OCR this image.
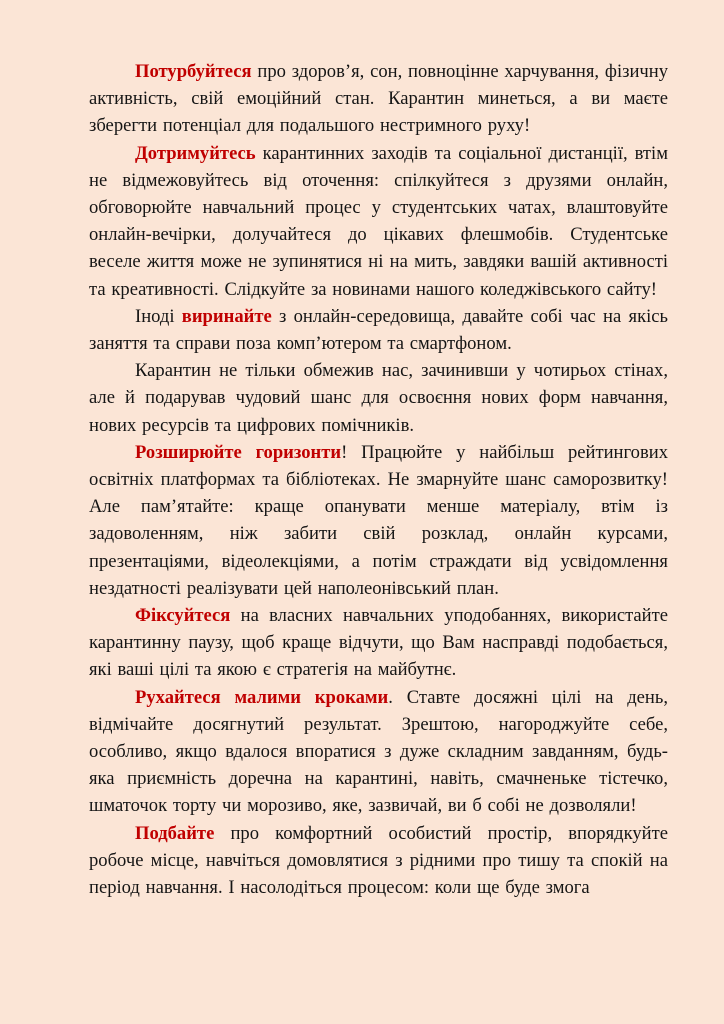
Потурбуйтеся про здоров’я, сон, повноцінне харчування, фізичну активність, свій емоційний стан. Карантин минеться, а ви маєте зберегти потенціал для подальшого нестримного руху!

Дотримуйтесь карантинних заходів та соціальної дистанції, втім не відмежовуйтесь від оточення: спілкуйтеся з друзями онлайн, обговорюйте навчальний процес у студентських чатах, влаштовуйте онлайн-вечірки, долучайтеся до цікавих флешмобів. Студентське веселе життя може не зупинятися ні на мить, завдяки вашій активності та креативності. Слідкуйте за новинами нашого коледжівського сайту!

Іноді виринайте з онлайн-середовища, давайте собі час на якісь заняття та справи поза комп’ютером та смартфоном.

Карантин не тільки обмежив нас, зачинивши у чотирьох стінах, але й подарував чудовий шанс для освоєння нових форм навчання, нових ресурсів та цифрових помічників.

Розширюйте горизонти! Працюйте у найбільш рейтингових освітніх платформах та бібліотеках. Не змарнуйте шанс саморозвитку! Але пам’ятайте: краще опанувати менше матеріалу, втім із задоволенням, ніж забити свій розклад, онлайн курсами, презентаціями, відеолекціями, а потім страждати від усвідомлення нездатності реалізувати цей наполеонівський план.

Фіксуйтеся на власних навчальних уподобаннях, використайте карантинну паузу, щоб краще відчути, що Вам насправді подобається, які ваші цілі та якою є стратегія на майбутнє.

Рухайтеся малими кроками. Ставте досяжні цілі на день, відмічайте досягнутий результат. Зрештою, нагороджуйте себе, особливо, якщо вдалося впоратися з дуже складним завданням, будь-яка приємність доречна на карантині, навіть, смачненьке тістечко, шматочок торту чи морозиво, яке, зазвичай, ви б собі не дозволяли!

Подбайте про комфортний особистий простір, впорядкуйте робоче місце, навчіться домовлятися з рідними про тишу та спокій на період навчання. І насолодіться процесом: коли ще буде змога
